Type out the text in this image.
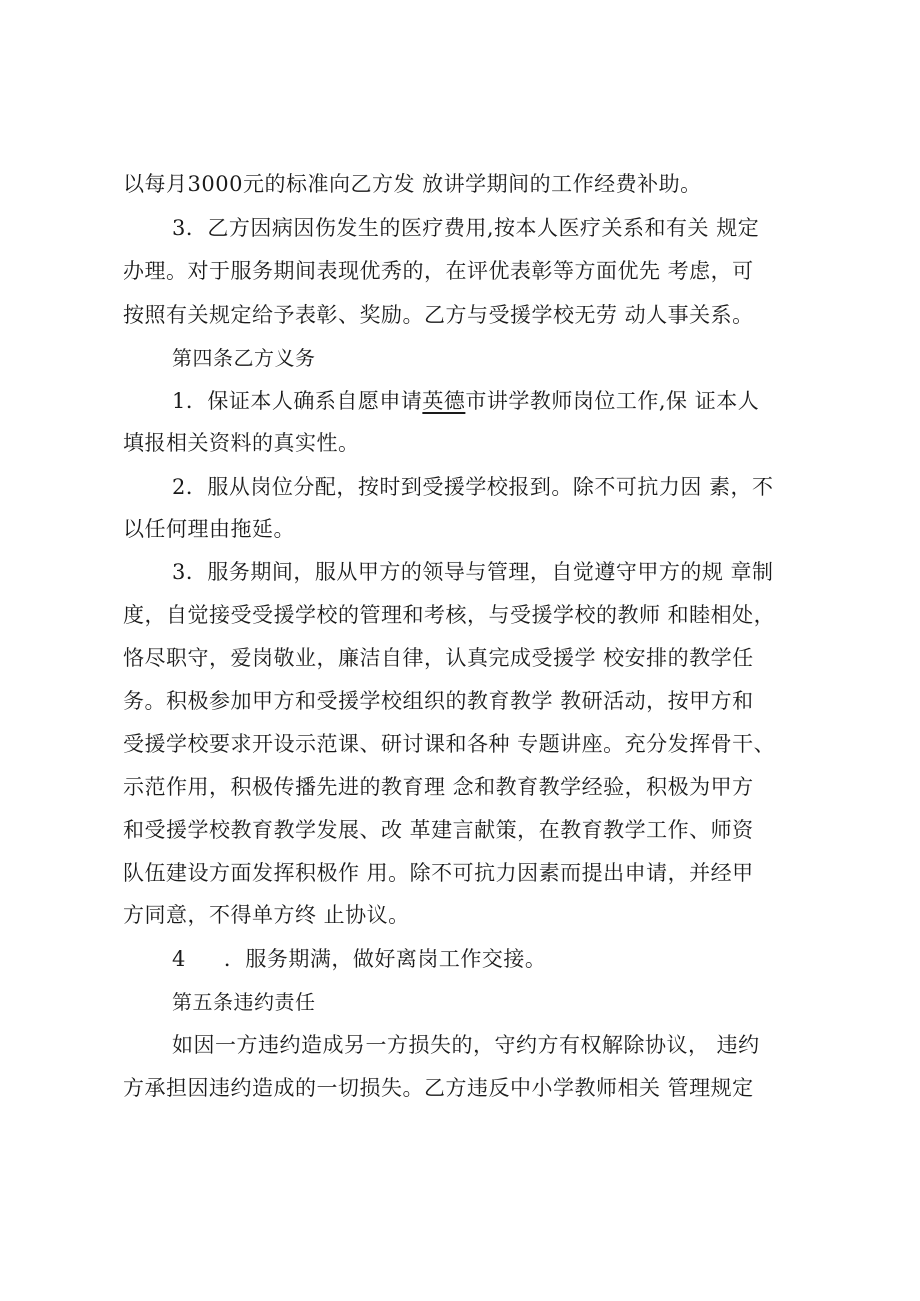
以每月3000元的标准向乙方发 放讲学期间的工作经费补助。
3．乙方因病因伤发生的医疗费用,按本人医疗关系和有关 规定
办理。对于服务期间表现优秀的，在评优表彰等方面优先 考虑，可
按照有关规定给予表彰、奖励。乙方与受援学校无劳 动人事关系。
第四条乙方义务
1．保证本人确系自愿申请英德市讲学教师岗位工作,保 证本人
填报相关资料的真实性。
2．服从岗位分配，按时到受援学校报到。除不可抗力因 素，不
以任何理由拖延。
3．服务期间，服从甲方的领导与管理，自觉遵守甲方的规 章制
度，自觉接受受援学校的管理和考核，与受援学校的教师 和睦相处，
恪尽职守，爱岗敬业，廉洁自律，认真完成受援学 校安排的教学任
务。积极参加甲方和受援学校组织的教育教学 教研活动，按甲方和
受援学校要求开设示范课、研讨课和各种 专题讲座。充分发挥骨干、
示范作用，积极传播先进的教育理 念和教育教学经验，积极为甲方
和受援学校教育教学发展、改 革建言献策，在教育教学工作、师资
队伍建设方面发挥积极作 用。除不可抗力因素而提出申请，并经甲
方同意，不得单方终 止协议。
4 ．服务期满，做好离岗工作交接。
第五条违约责任
如因一方违约造成另一方损失的，守约方有权解除协议， 违约
方承担因违约造成的一切损失。乙方违反中小学教师相关 管理规定
